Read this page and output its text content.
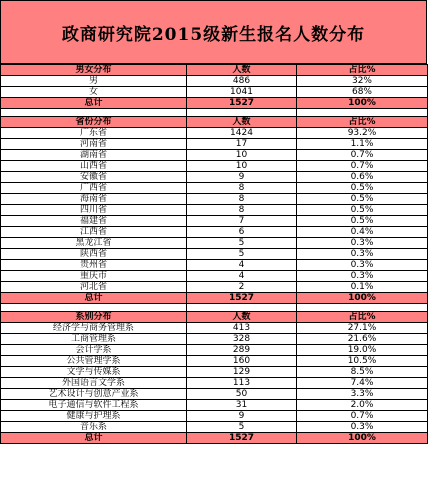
政商研究院2015级新生报名人数分布
男女分布	人数	占比%
男	486	32%
女	1041	68%
总计	1527	100%

省份分布	人数	占比%
广东省	1424	93.2%
河南省	17	1.1%
湖南省	10	0.7%
山西省	10	0.7%
安徽省	9	0.6%
广西省	8	0.5%
海南省	8	0.5%
四川省	8	0.5%
福建省	7	0.5%
江西省	6	0.4%
黑龙江省	5	0.3%
陕西省	5	0.3%
贵州省	4	0.3%
重庆市	4	0.3%
河北省	2	0.1%
总计	1527	100%

系别分布	人数	占比%
经济学与商务管理系	413	27.1%
工商管理系	328	21.6%
会计学系	289	19.0%
公共管理学系	160	10.5%
文学与传媒系	129	8.5%
外国语言文学系	113	7.4%
艺术设计与创意产业系	50	3.3%
电子通信与软件工程系	31	2.0%
健康与护理系	9	0.7%
音乐系	5	0.3%
总计	1527	100%
